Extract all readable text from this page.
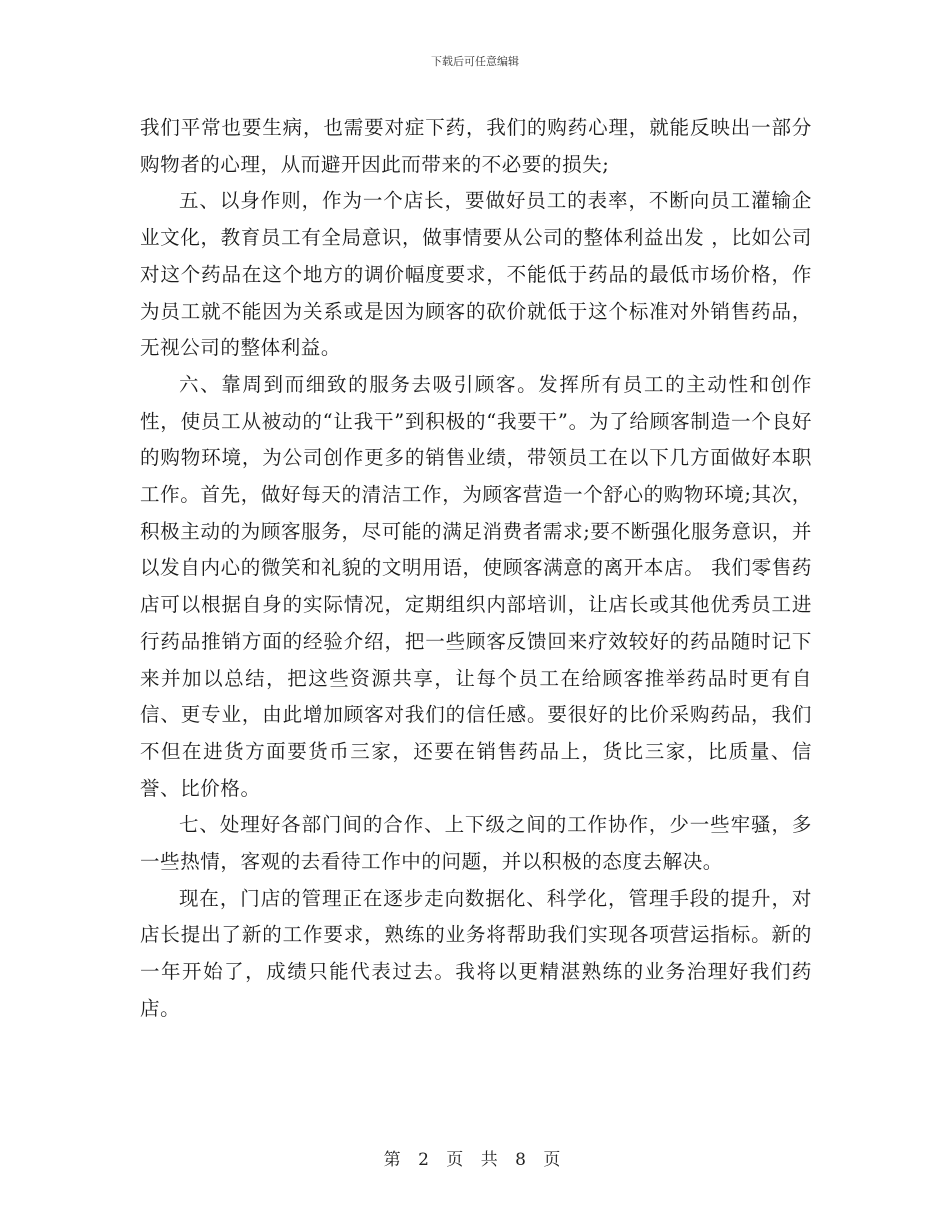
下载后可任意编辑

我们平常也要生病，也需要对症下药，我们的购药心理，就能反映出一部分购物者的心理，从而避开因此而带来的不必要的损失;

五、以身作则，作为一个店长，要做好员工的表率，不断向员工灌输企业文化，教育员工有全局意识，做事情要从公司的整体利益出发 ，比如公司对这个药品在这个地方的调价幅度要求，不能低于药品的最低市场价格，作为员工就不能因为关系或是因为顾客的砍价就低于这个标准对外销售药品，无视公司的整体利益。

六、靠周到而细致的服务去吸引顾客。发挥所有员工的主动性和创作性，使员工从被动的“让我干”到积极的“我要干”。为了给顾客制造一个良好的购物环境，为公司创作更多的销售业绩，带领员工在以下几方面做好本职工作。首先，做好每天的清洁工作，为顾客营造一个舒心的购物环境;其次，积极主动的为顾客服务，尽可能的满足消费者需求;要不断强化服务意识，并以发自内心的微笑和礼貌的文明用语，使顾客满意的离开本店。 我们零售药店可以根据自身的实际情况，定期组织内部培训，让店长或其他优秀员工进行药品推销方面的经验介绍，把一些顾客反馈回来疗效较好的药品随时记下来并加以总结，把这些资源共享，让每个员工在给顾客推举药品时更有自信、更专业，由此增加顾客对我们的信任感。要很好的比价采购药品，我们不但在进货方面要货币三家，还要在销售药品上，货比三家，比质量、信誉、比价格。

七、处理好各部门间的合作、上下级之间的工作协作，少一些牢骚，多一些热情，客观的去看待工作中的问题，并以积极的态度去解决。

现在，门店的管理正在逐步走向数据化、科学化，管理手段的提升，对店长提出了新的工作要求，熟练的业务将帮助我们实现各项营运指标。新的一年开始了，成绩只能代表过去。我将以更精湛熟练的业务治理好我们药店。

第 2 页 共 8 页
